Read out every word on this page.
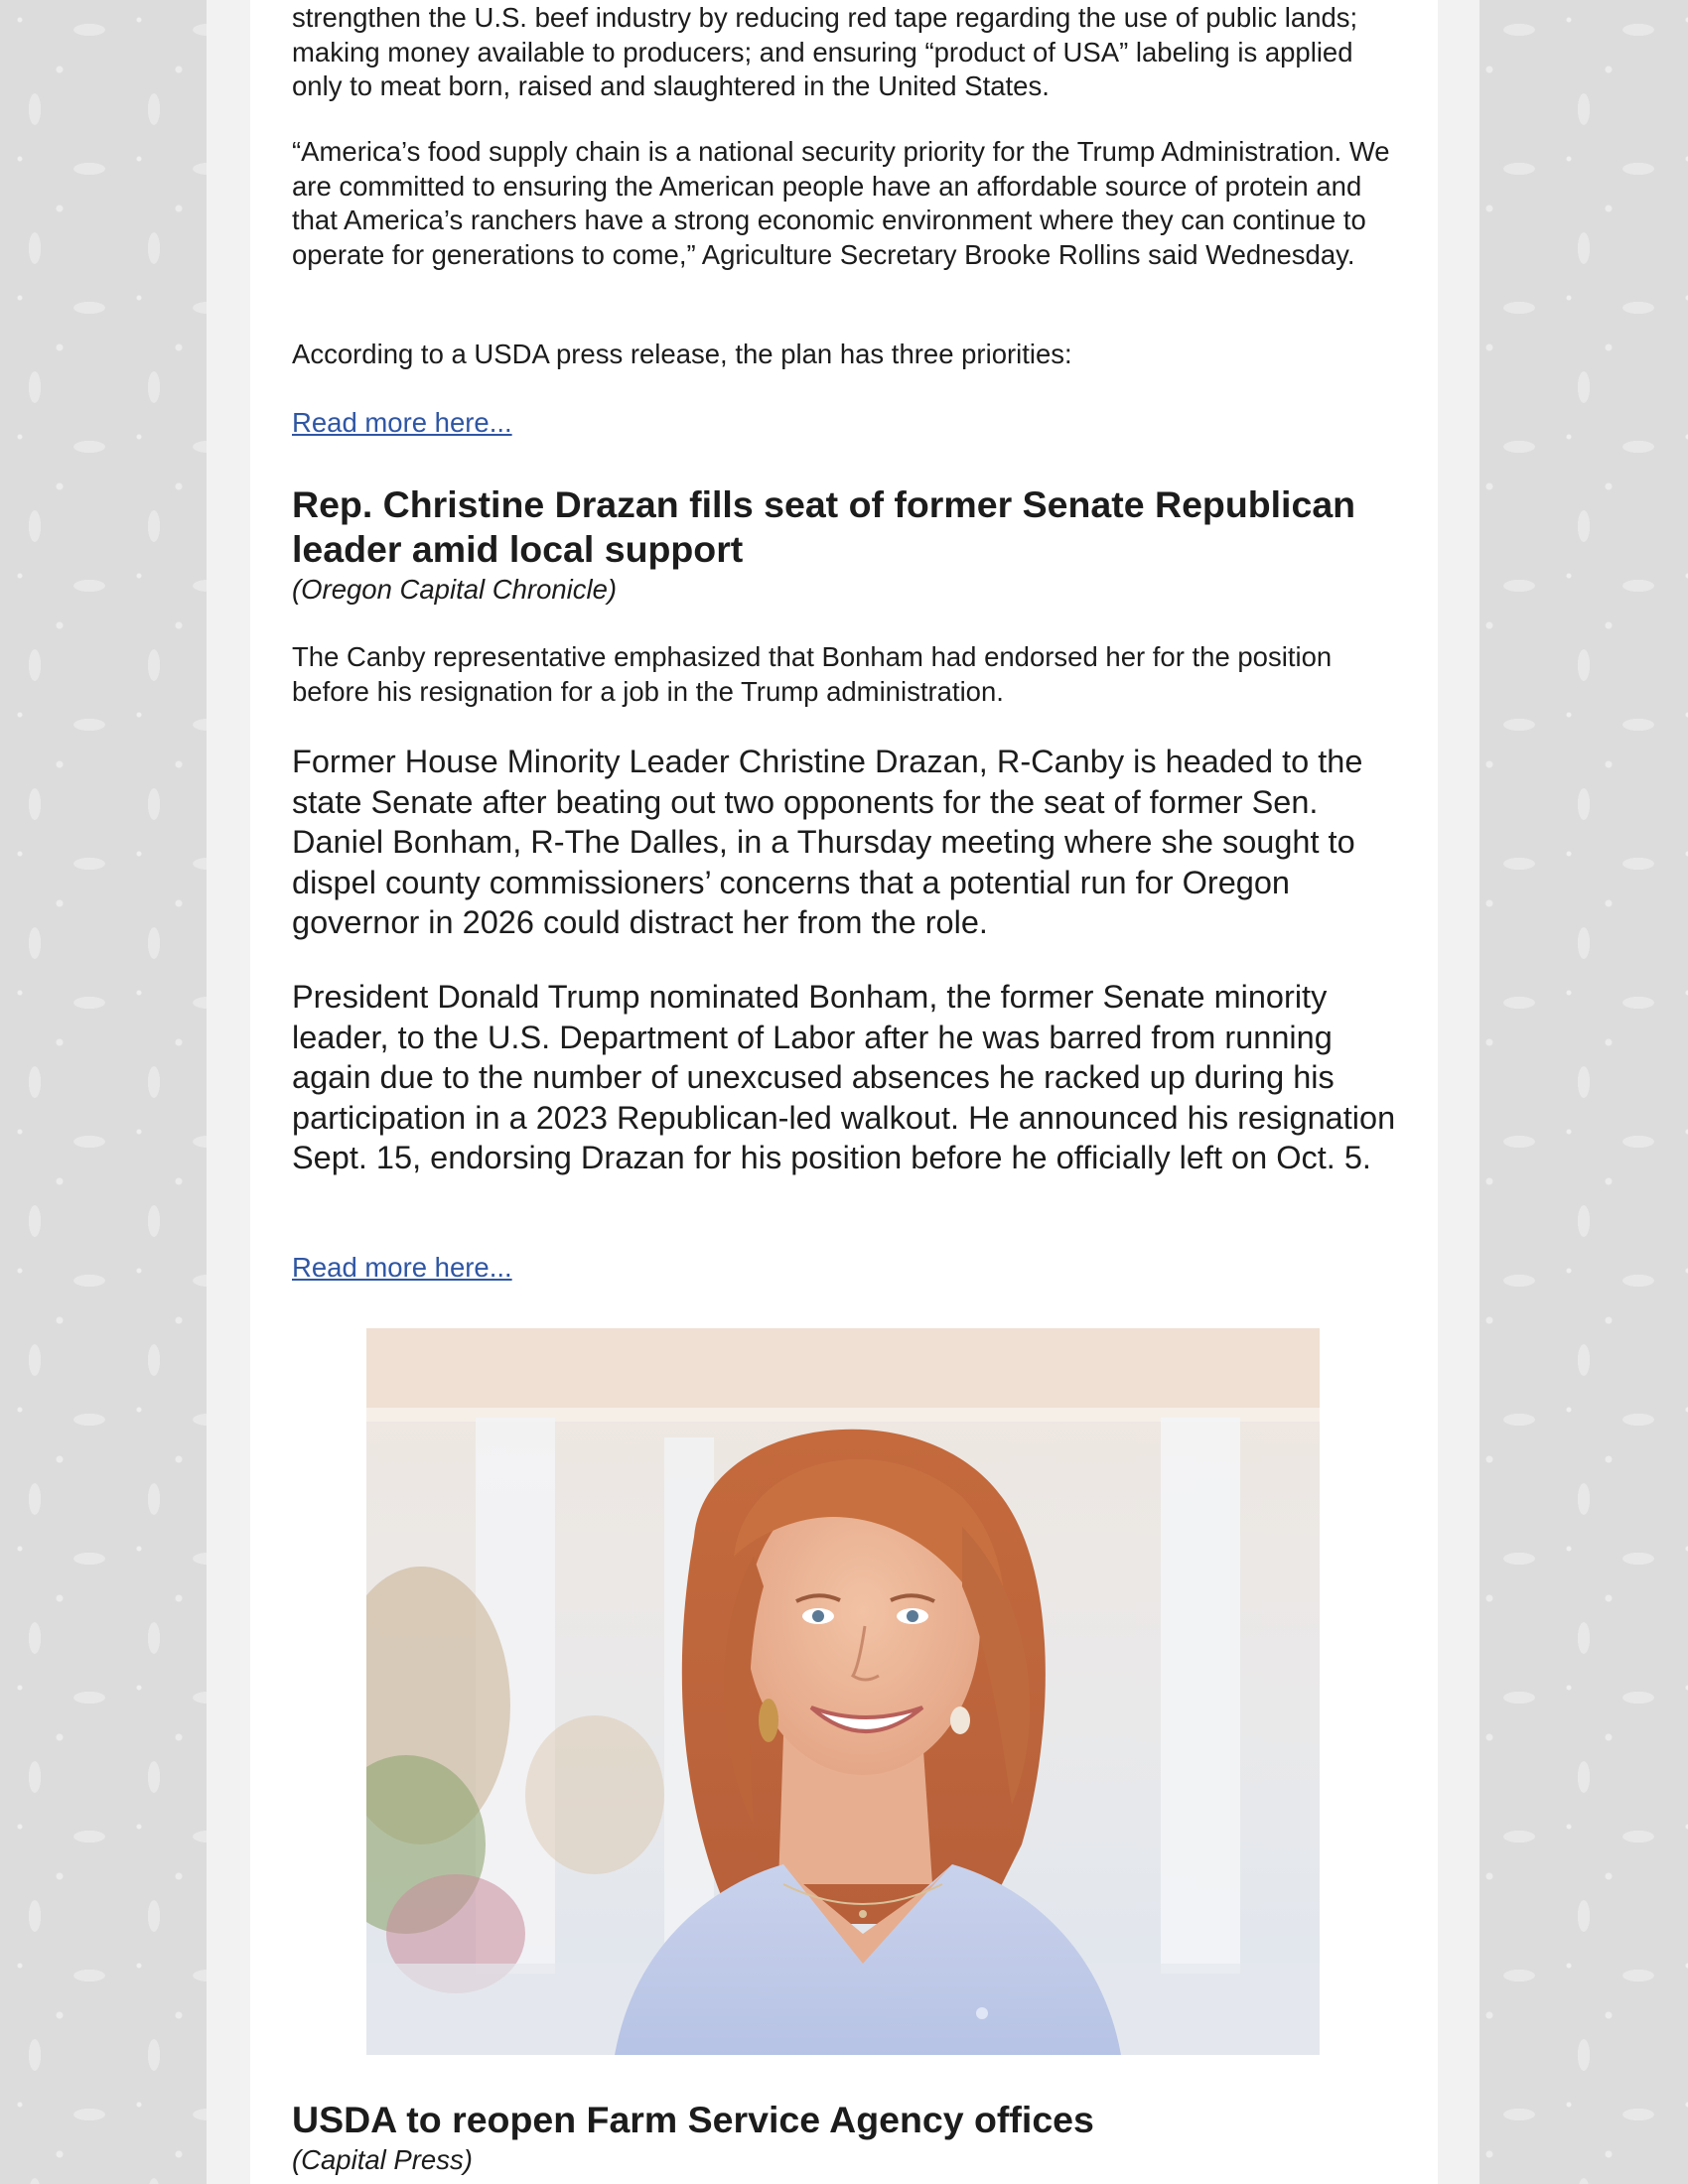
strengthen the U.S. beef industry by reducing red tape regarding the use of public lands; making money available to producers; and ensuring “product of USA” labeling is applied only to meat born, raised and slaughtered in the United States.

“America’s food supply chain is a national security priority for the Trump Administration. We are committed to ensuring the American people have an affordable source of protein and that America’s ranchers have a strong economic environment where they can continue to operate for generations to come,” Agriculture Secretary Brooke Rollins said Wednesday.

According to a USDA press release, the plan has three priorities:

Read more here...
Rep. Christine Drazan fills seat of former Senate Republican leader amid local support

(Oregon Capital Chronicle)

The Canby representative emphasized that Bonham had endorsed her for the position before his resignation for a job in the Trump administration.

Former House Minority Leader Christine Drazan, R-Canby is headed to the state Senate after beating out two opponents for the seat of former Sen. Daniel Bonham, R-The Dalles, in a Thursday meeting where she sought to dispel county commissioners’ concerns that a potential run for Oregon governor in 2026 could distract her from the role.

President Donald Trump nominated Bonham, the former Senate minority leader, to the U.S. Department of Labor after he was barred from running again due to the number of unexcused absences he racked up during his participation in a 2023 Republican-led walkout. He announced his resignation Sept. 15, endorsing Drazan for his position before he officially left on Oct. 5.

Read more here...
USDA to reopen Farm Service Agency offices

(Capital Press)
